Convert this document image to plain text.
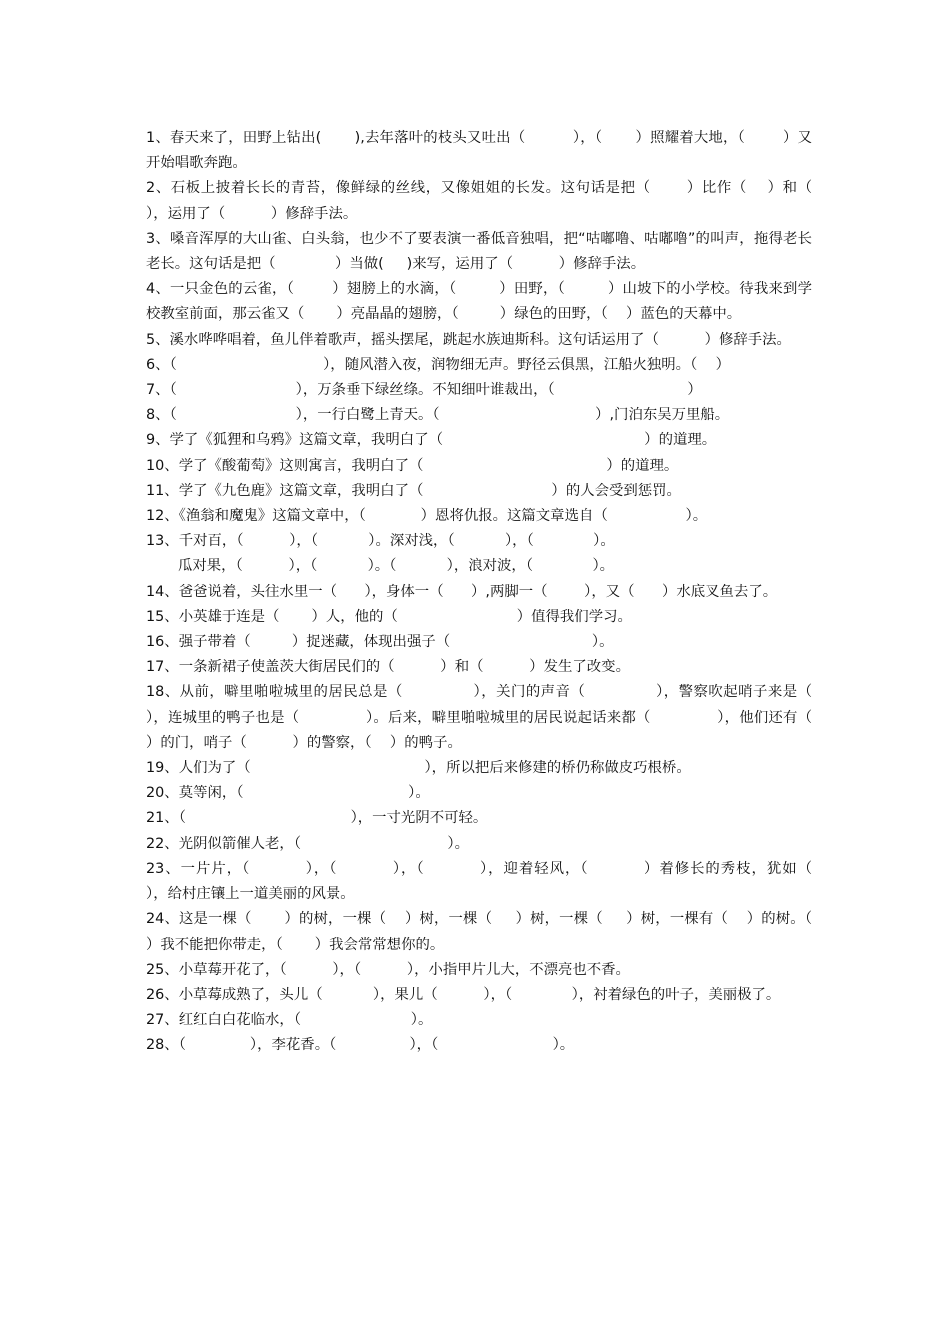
1、春天来了，田野上钻出(       ),去年落叶的枝头又吐出（          ），（       ）照耀着大地，（        ）又开始唱歌奔跑。

2、石板上披着长长的青苔，像鲜绿的丝线，又像姐姐的长发。这句话是把（       ）比作（    ）和（     ），运用了（          ）修辞手法。

3、嗓音浑厚的大山雀、白头翁，也少不了要表演一番低音独唱，把“咕嘟噜、咕嘟噜”的叫声，拖得老长老长。这句话是把（             ）当做(     )来写，运用了（          ）修辞手法。

4、一只金色的云雀，（        ）翅膀上的水滴，（         ）田野，（         ）山坡下的小学校。待我来到学校教室前面，那云雀又（       ）亮晶晶的翅膀，（         ）绿色的田野，（    ）蓝色的天幕中。

5、溪水哗哗唱着，鱼儿伴着歌声，摇头摆尾，跳起水族迪斯科。这句话运用了（          ）修辞手法。

6、（                                ），随风潜入夜，润物细无声。野径云俱黑，江船火独明。（    ）

7、（                          ），万条垂下绿丝绦。不知细叶谁裁出，（                             ）

8、（                          ），一行白鹭上青天。（                                  ）,门泊东吴万里船。

9、学了《狐狸和乌鸦》这篇文章，我明白了（                                            ）的道理。

10、学了《酸葡萄》这则寓言，我明白了（                                        ）的道理。

11、学了《九色鹿》这篇文章，我明白了（                            ）的人会受到惩罚。

12、《渔翁和魔鬼》这篇文章中，（            ）恩将仇报。这篇文章选自（                 ）。

13、千对百，（          ），（           ）。深对浅，（           ），（             ）。

瓜对果，（          ），（           ）。（           ），浪对波，（             ）。

14、爸爸说着，头往水里一（      ），身体一（      ）,两脚一（        ），又（      ）水底叉鱼去了。

15、小英雄于连是（       ）人，他的（                          ）值得我们学习。

16、强子带着（         ）捉迷藏，体现出强子（                               ）。

17、一条新裙子使盖茨大街居民们的（          ）和（          ）发生了改变。

18、从前，噼里啪啦城里的居民总是（              ），关门的声音（              ），警察吹起哨子来是（              ），连城里的鸭子也是（              ）。后来，噼里啪啦城里的居民说起话来都（              ），他们还有（           ）的门，哨子（          ）的警察，（    ）的鸭子。

19、人们为了（                                      ），所以把后来修建的桥仍称做皮巧根桥。

20、莫等闲，（                                    ）。

21、（                                    ），一寸光阴不可轻。

22、光阴似箭催人老，（                                ）。

23、一片片，（          ），（          ），（          ），迎着轻风，（          ）着修长的秀枝，犹如（            ），给村庄镶上一道美丽的风景。

24、这是一棵（       ）的树，一棵（    ）树，一棵（     ）树，一棵（     ）树，一棵有（    ）的树。（        ）我不能把你带走，（       ）我会常常想你的。

25、小草莓开花了，（          ），（          ），小指甲片儿大，不漂亮也不香。

26、小草莓成熟了，头儿（           ），果儿（          ），（             ），衬着绿色的叶子，美丽极了。

27、红红白白花临水，（                        ）。

28、（              ），李花香。（                ），（                         ）。
